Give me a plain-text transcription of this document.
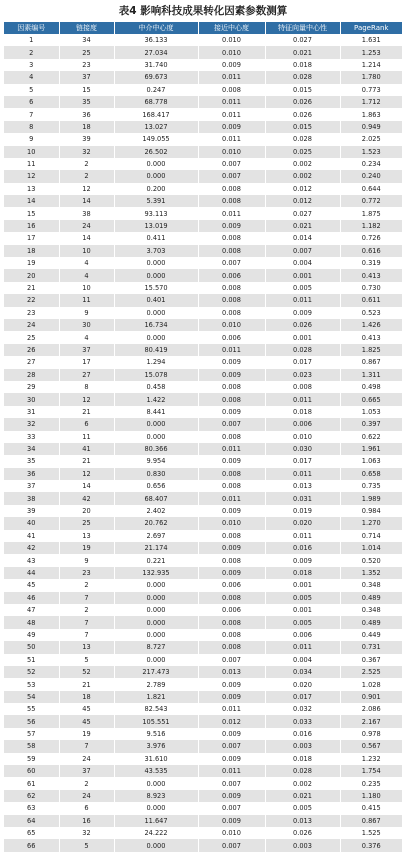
表4 影响科技成果转化因素参数测算
因素编号	链接度	中介中心度	接近中心度	特征向量中心性	PageRank
1	34	36.133	0.010	0.027	1.631
2	25	27.034	0.010	0.021	1.253
3	23	31.740	0.009	0.018	1.214
4	37	69.673	0.011	0.028	1.780
5	15	0.247	0.008	0.015	0.773
6	35	68.778	0.011	0.026	1.712
7	36	168.417	0.011	0.026	1.863
8	18	13.027	0.009	0.015	0.949
9	39	149.055	0.011	0.028	2.025
10	32	26.502	0.010	0.025	1.523
11	2	0.000	0.007	0.002	0.234
12	2	0.000	0.007	0.002	0.240
13	12	0.200	0.008	0.012	0.644
14	14	5.391	0.008	0.012	0.772
15	38	93.113	0.011	0.027	1.875
16	24	13.019	0.009	0.021	1.182
17	14	0.411	0.008	0.014	0.726
18	10	3.703	0.008	0.007	0.616
19	4	0.000	0.007	0.004	0.319
20	4	0.000	0.006	0.001	0.413
21	10	15.570	0.008	0.005	0.730
22	11	0.401	0.008	0.011	0.611
23	9	0.000	0.008	0.009	0.523
24	30	16.734	0.010	0.026	1.426
25	4	0.000	0.006	0.001	0.413
26	37	80.419	0.011	0.028	1.825
27	17	1.294	0.009	0.017	0.867
28	27	15.078	0.009	0.023	1.311
29	8	0.458	0.008	0.008	0.498
30	12	1.422	0.008	0.011	0.665
31	21	8.441	0.009	0.018	1.053
32	6	0.000	0.007	0.006	0.397
33	11	0.000	0.008	0.010	0.622
34	41	80.366	0.011	0.030	1.961
35	21	9.954	0.009	0.017	1.063
36	12	0.830	0.008	0.011	0.658
37	14	0.656	0.008	0.013	0.735
38	42	68.407	0.011	0.031	1.989
39	20	2.402	0.009	0.019	0.984
40	25	20.762	0.010	0.020	1.270
41	13	2.697	0.008	0.011	0.714
42	19	21.174	0.009	0.016	1.014
43	9	0.221	0.008	0.009	0.520
44	23	132.935	0.009	0.018	1.352
45	2	0.000	0.006	0.001	0.348
46	7	0.000	0.008	0.005	0.489
47	2	0.000	0.006	0.001	0.348
48	7	0.000	0.008	0.005	0.489
49	7	0.000	0.008	0.006	0.449
50	13	8.727	0.008	0.011	0.731
51	5	0.000	0.007	0.004	0.367
52	52	217.473	0.013	0.034	2.525
53	21	2.789	0.009	0.020	1.028
54	18	1.821	0.009	0.017	0.901
55	45	82.543	0.011	0.032	2.086
56	45	105.551	0.012	0.033	2.167
57	19	9.516	0.009	0.016	0.978
58	7	3.976	0.007	0.003	0.567
59	24	31.610	0.009	0.018	1.232
60	37	43.535	0.011	0.028	1.754
61	2	0.000	0.007	0.002	0.235
62	24	8.923	0.009	0.021	1.180
63	6	0.000	0.007	0.005	0.415
64	16	11.647	0.009	0.013	0.867
65	32	24.222	0.010	0.026	1.525
66	5	0.000	0.007	0.003	0.376
